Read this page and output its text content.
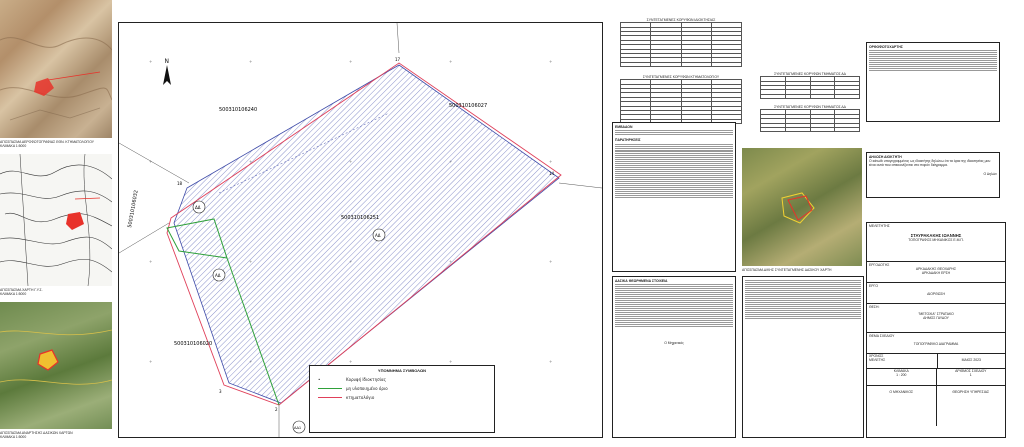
ΑΠΟΣΠΑΣΜΑ ΑΕΡΟΦΩΤΟΓΡΑΦΙΑΣ ΕΘΝ. ΚΤΗΜΑΤΟΛΟΓΙΟΥ
ΚΛΙΜΑΚΑ 1:5000
ΑΠΟΣΠΑΣΜΑ ΧΑΡΤΗ Γ.Υ.Σ.
ΚΛΙΜΑΚΑ 1:5000
ΑΠΟΣΠΑΣΜΑ ΑΝΑΡΤΗΣΗΣ ΔΑΣΙΚΩΝ ΧΑΡΤΩΝ
ΚΛΙΜΑΚΑ 1:5000
+	+	+	+	+
+	+
+	+
+	+	+	+
N
ΔΔ
ΑΔ
ΑΔ
ΑΔ1
17
18
14
2
3
500310106240
500310106027
500310106251
500310106020
500310106032
ΥΠΟΜΝΗΜΑ ΣΥΜΒΟΛΩΝ
•	Κορυφή Ιδιοκτησίας
μη υλοποιημένο όριο
κτηματολόγιο
ΣΥΝΤΕΤΑΓΜΕΝΕΣ ΚΟΡΥΦΩΝ ΙΔΙΟΚΤΗΣΙΑΣ

ΣΥΝΤΕΤΑΓΜΕΝΕΣ ΚΟΡΥΦΩΝ ΚΤΗΜΑΤΟΛΟΓΙΟΥ

ΣΥΝΤΕΤΑΓΜΕΝΕΣ ΚΟΡΥΦΩΝ ΤΜΗΜΑΤΟΣ ΑΔ

ΣΥΝΤΕΤΑΓΜΕΝΕΣ ΚΟΡΥΦΩΝ ΤΜΗΜΑΤΟΣ ΔΔ

ΕΜΒΑΔΟΝ
ΠΑΡΑΤΗΡΗΣΕΙΣ
ΔΑΣΙΚΑ ΘΕΩΡΗΜΕΝΑ ΣΤΟΙΧΕΙΑ
Ο Μηχανικός
ΑΠΟΣΠΑΣΜΑ Δ/ΚΗΣ ΣΥΝΤΕΤΑΓΜΕΝΗΣ ΔΑΣΙΚΟΥ ΧΑΡΤΗ
ΟΡΘΟΦΩΤΟΧΑΡΤΗΣ
ΔΗΛΩΣΗ ΔΙΟΚΤΗΤΗ
Ο κάτωθι υπογεγραμμένος ως ιδιοκτήτης δηλώνω ότι τα όρια της ιδιοκτησίας μου είναι αυτά που απεικονίζονται στο παρόν διάγραμμα.
Ο Δηλών
ΜΕΛΕΤΗΤΗΣ
ΣΤΑΥΡΑΚΑΚΗΣ ΙΩΑΝΝΗΣ
ΤΟΠΟΓΡΑΦΟΣ ΜΗΧΑΝΙΚΟΣ Ε.Μ.Π.
ΕΡΓΟΔΟΤΗΣ
ΑΡΚΑΔΑΚΗΣ ΘΕΟΧΑΡΗΣ
ΑΡΚΑΔΑΚΗ ΕΡΣΗ
ΕΡΓΟ
ΔΙΟΡΘΩΣΗ
ΘΕΣΗ:
"ΜΕΤΟΧΙΑ" ΣΤΡΑΤΑΚΟ
ΔΗΜΟΣ ΓΑΥΔΟΥ
ΘΕΜΑ ΣΧΕΔΙΟΥ
ΤΟΠΟΓΡΑΦΙΚΟ ΔΙΑΓΡΑΜΜΑ
ΧΡΟΝΟΣ
ΜΕΛΕΤΗΣ	ΜΑΙΟΣ 2023
ΚΛΙΜΑΚΑ
1 : 200
ΑΡΙΘΜΟΣ ΣΧΕΔΙΟΥ
1
Ο ΜΗΧΑΝΙΚΟΣ	ΘΕΩΡΗΣΗ ΥΠΗΡΕΣΙΑΣ
